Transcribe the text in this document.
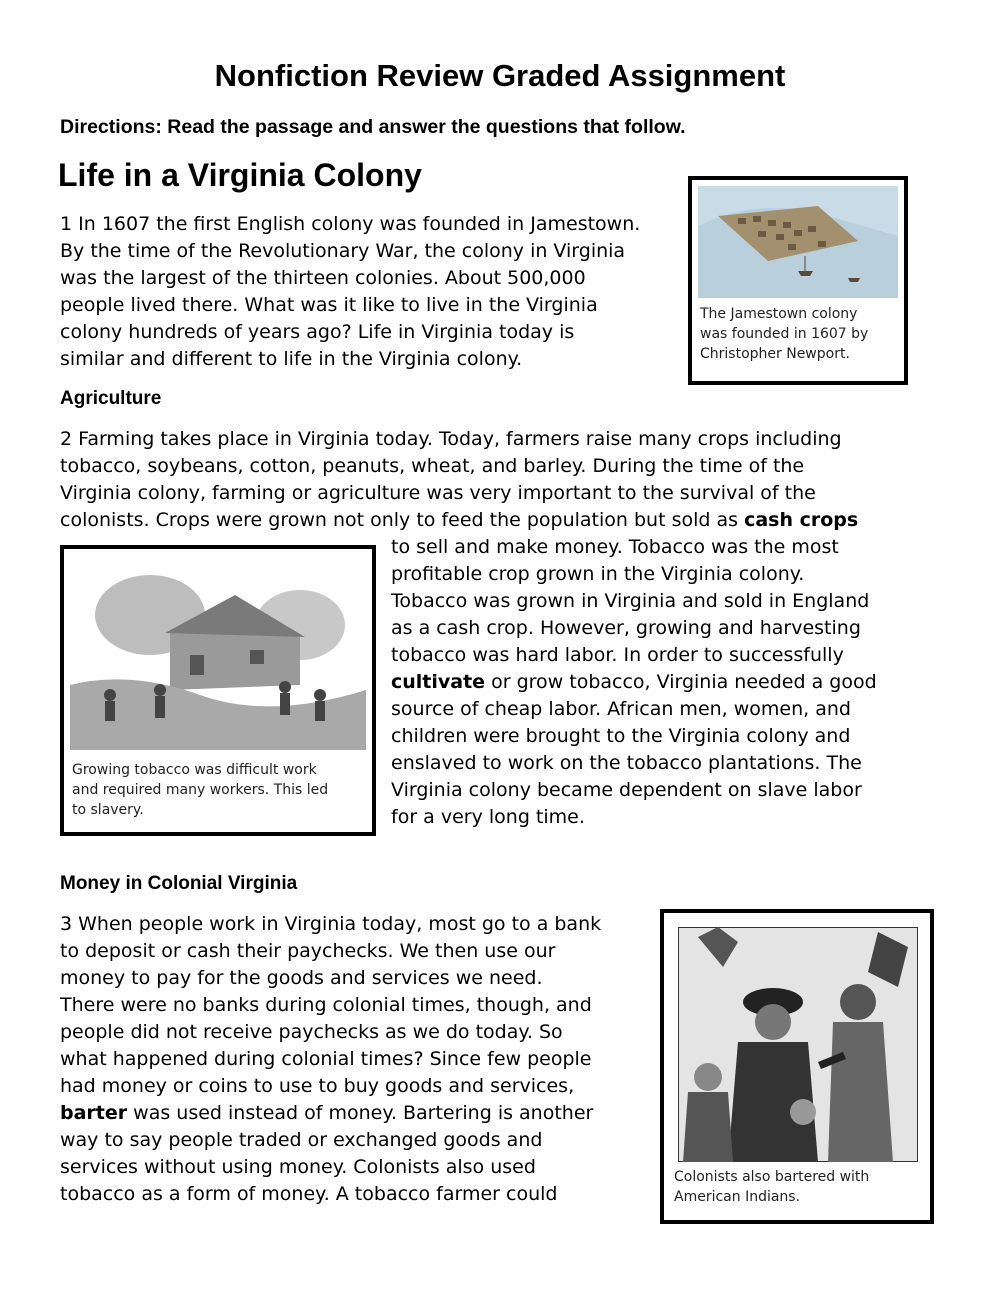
Nonfiction Review Graded Assignment
Directions: Read the passage and answer the questions that follow.
Life in a Virginia Colony

1 In 1607 the first English colony was founded in Jamestown.

By the time of the Revolutionary War, the colony in Virginia

was the largest of the thirteen colonies. About 500,000

people lived there. What was it like to live in the Virginia

colony hundreds of years ago? Life in Virginia today is

similar and different to life in the Virginia colony.

The Jamestown colony
was founded in 1607 by
Christopher Newport.
Agriculture

2 Farming takes place in Virginia today. Today, farmers raise many crops including

tobacco, soybeans, cotton, peanuts, wheat, and barley. During the time of the

Virginia colony, farming or agriculture was very important to the survival of the

colonists. Crops were grown not only to feed the population but sold as cash crops

to sell and make money. Tobacco was the most

profitable crop grown in the Virginia colony.

Tobacco was grown in Virginia and sold in England

as a cash crop. However, growing and harvesting

tobacco was hard labor. In order to successfully

cultivate or grow tobacco, Virginia needed a good

source of cheap labor. African men, women, and

children were brought to the Virginia colony and

enslaved to work on the tobacco plantations. The

Virginia colony became dependent on slave labor

for a very long time.

Growing tobacco was difficult work
and required many workers. This led
to slavery.
Money in Colonial Virginia

3 When people work in Virginia today, most go to a bank

to deposit or cash their paychecks. We then use our

money to pay for the goods and services we need.

There were no banks during colonial times, though, and

people did not receive paychecks as we do today. So

what happened during colonial times? Since few people

had money or coins to use to buy goods and services,

barter was used instead of money. Bartering is another

way to say people traded or exchanged goods and

services without using money. Colonists also used

tobacco as a form of money. A tobacco farmer could

Colonists also bartered with
American Indians.
